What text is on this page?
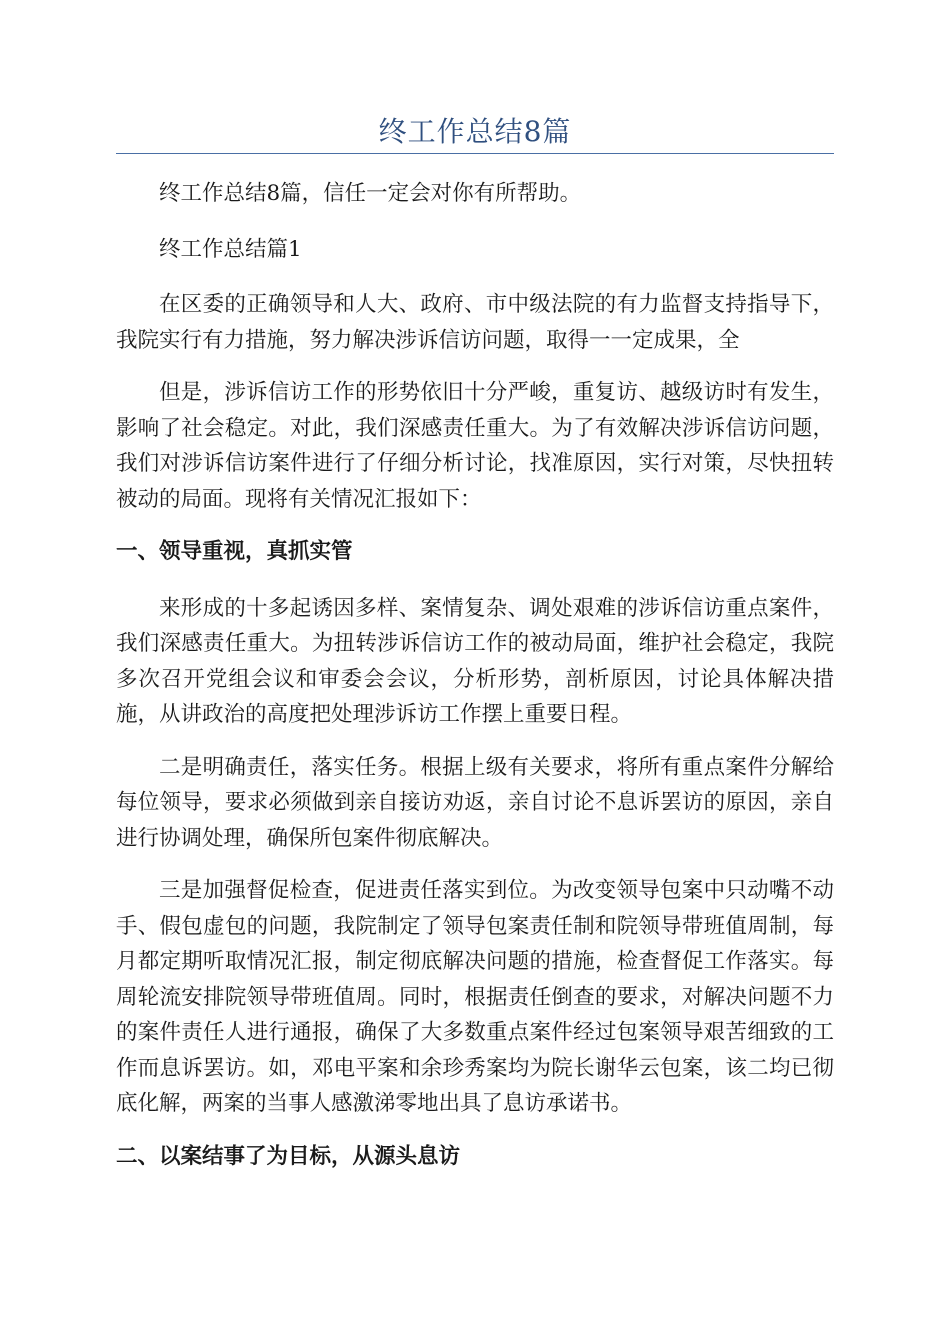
终工作总结8篇

终工作总结8篇，信任一定会对你有所帮助。

终工作总结篇1

在区委的正确领导和人大、政府、市中级法院的有力监督支持指导下，我院实行有力措施，努力解决涉诉信访问题，取得一一定成果，全

但是，涉诉信访工作的形势依旧十分严峻，重复访、越级访时有发生，影响了社会稳定。对此，我们深感责任重大。为了有效解决涉诉信访问题，我们对涉诉信访案件进行了仔细分析讨论，找准原因，实行对策，尽快扭转被动的局面。现将有关情况汇报如下：

一、领导重视，真抓实管

来形成的十多起诱因多样、案情复杂、调处艰难的涉诉信访重点案件，我们深感责任重大。为扭转涉诉信访工作的被动局面，维护社会稳定，我院多次召开党组会议和审委会会议，分析形势，剖析原因，讨论具体解决措施，从讲政治的高度把处理涉诉访工作摆上重要日程。

二是明确责任，落实任务。根据上级有关要求，将所有重点案件分解给每位领导，要求必须做到亲自接访劝返，亲自讨论不息诉罢访的原因，亲自进行协调处理，确保所包案件彻底解决。

三是加强督促检查，促进责任落实到位。为改变领导包案中只动嘴不动手、假包虚包的问题，我院制定了领导包案责任制和院领导带班值周制，每月都定期听取情况汇报，制定彻底解决问题的措施，检查督促工作落实。每周轮流安排院领导带班值周。同时，根据责任倒查的要求，对解决问题不力的案件责任人进行通报，确保了大多数重点案件经过包案领导艰苦细致的工作而息诉罢访。如，邓电平案和余珍秀案均为院长谢华云包案，该二均已彻底化解，两案的当事人感激涕零地出具了息访承诺书。

二、以案结事了为目标，从源头息访
